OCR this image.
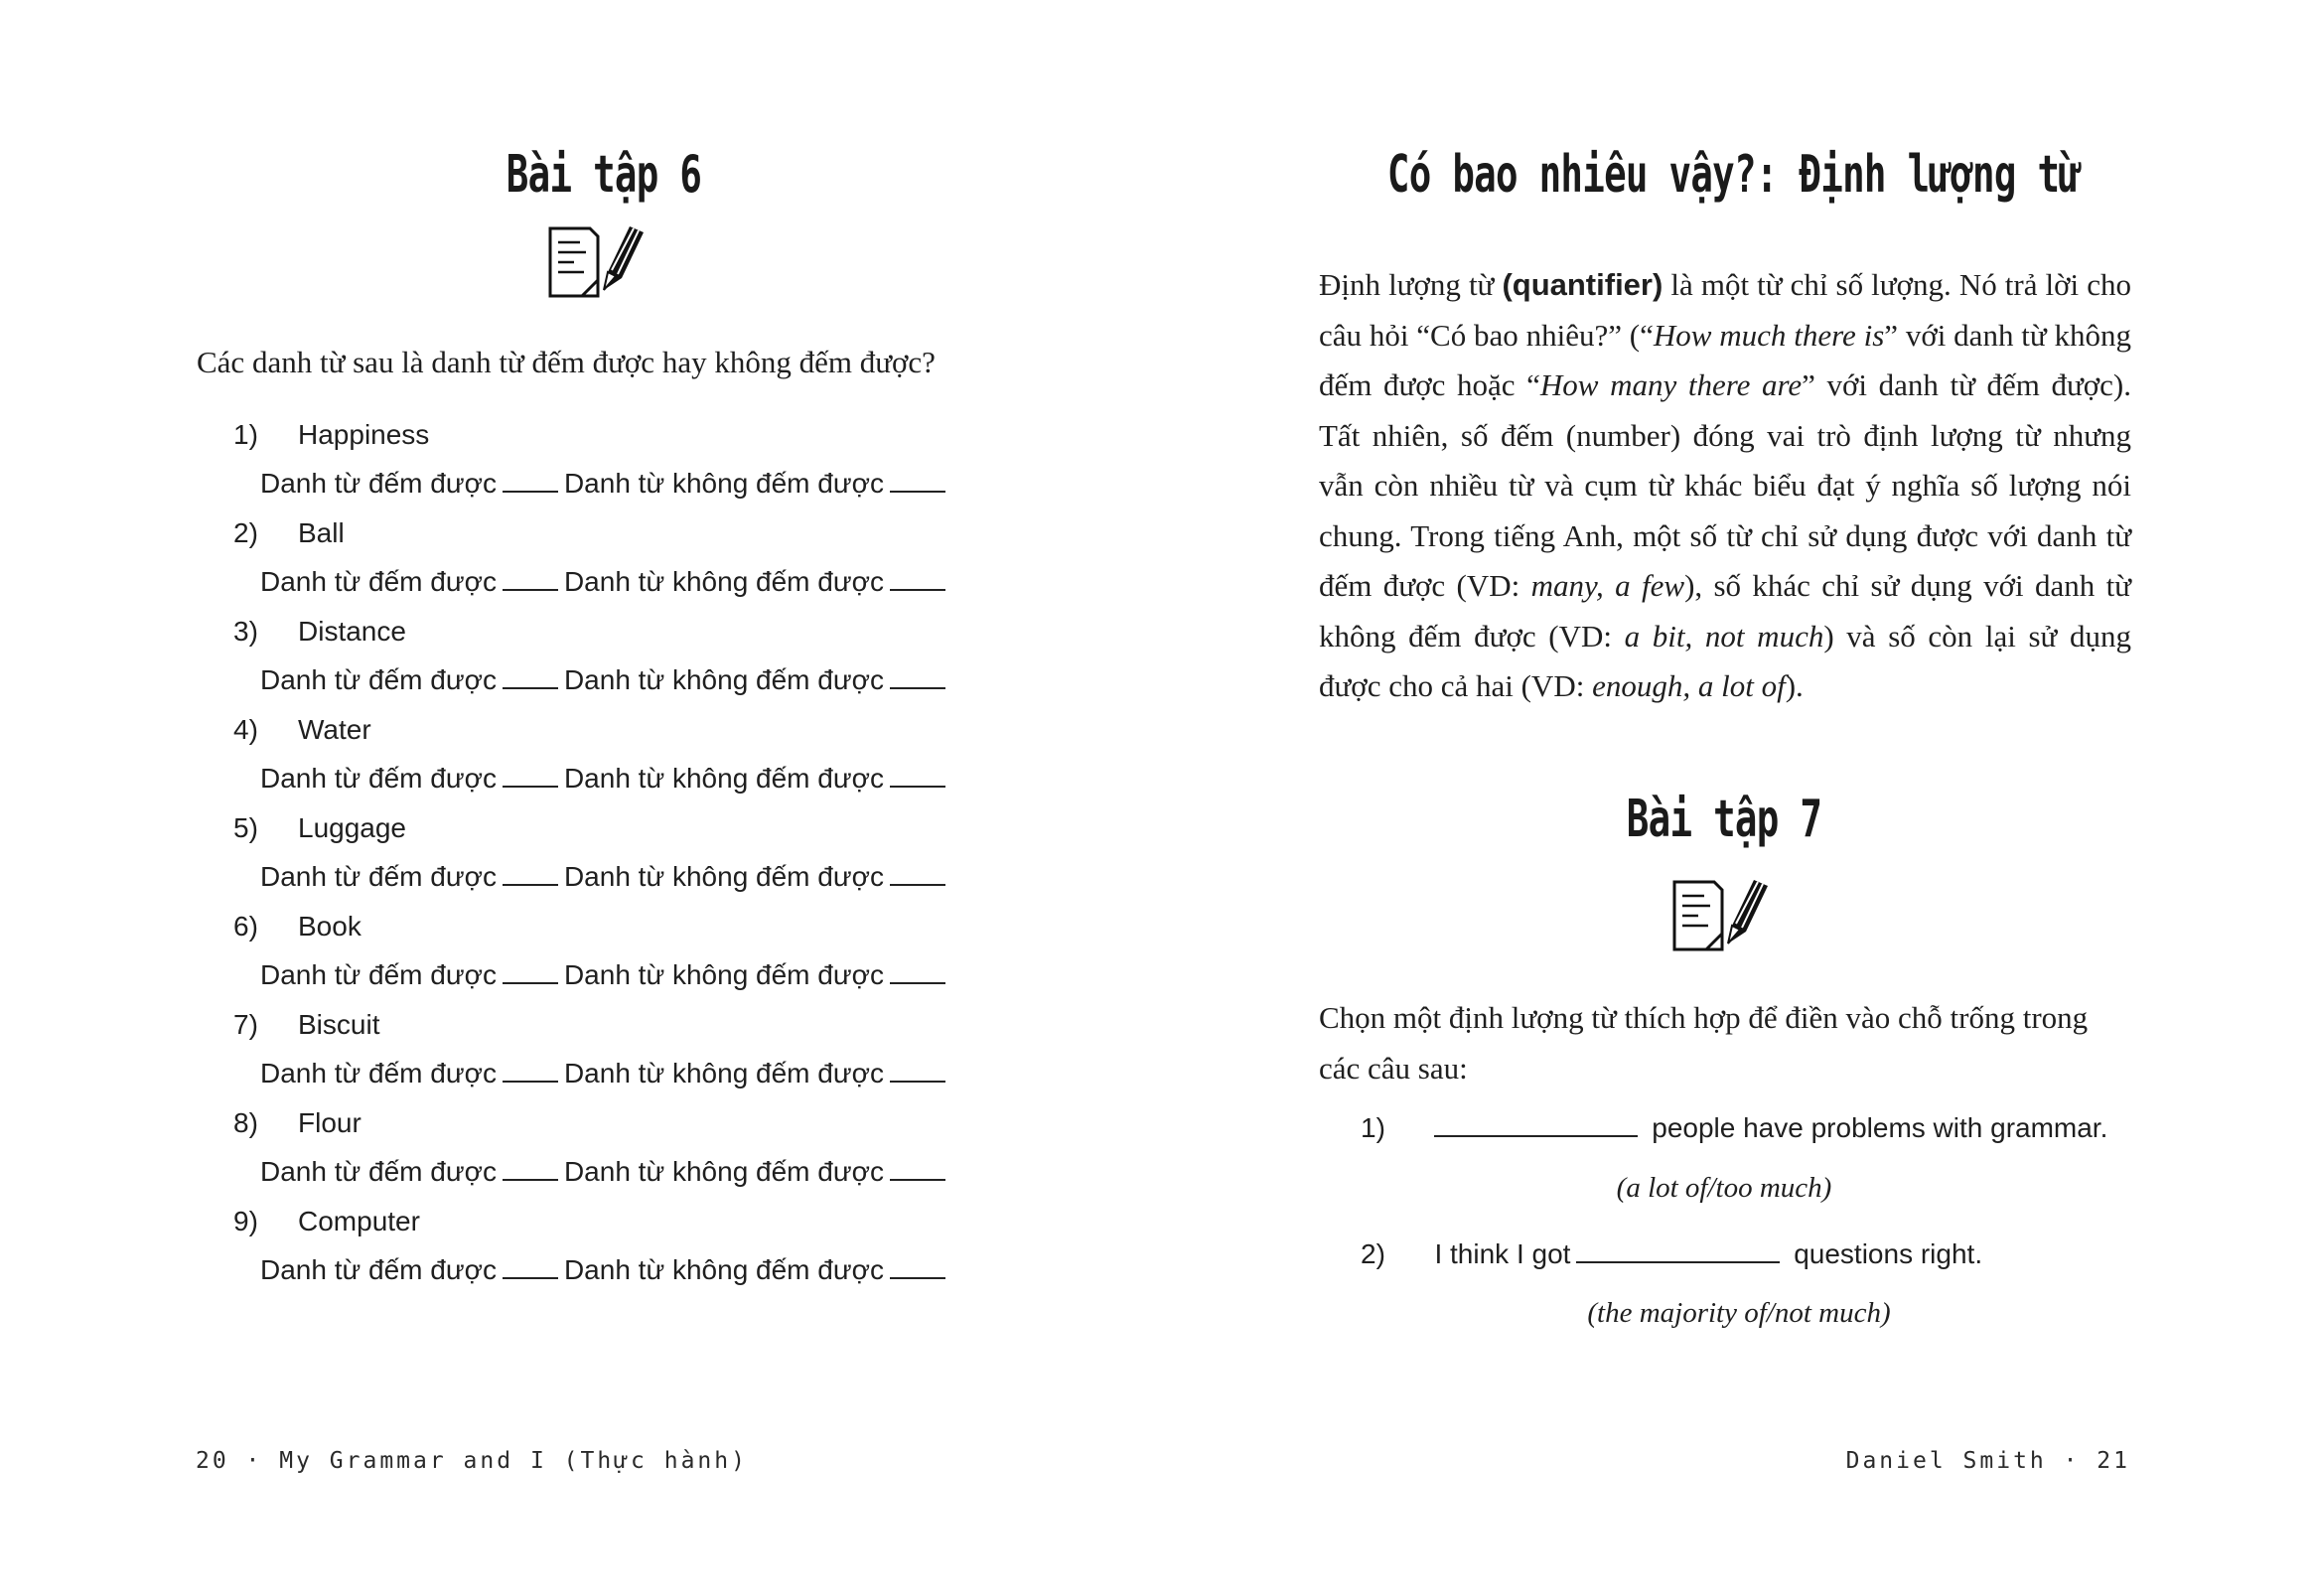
Bài tập 6
Các danh từ sau là danh từ đếm được hay không đếm được?
1) Happiness
Danh từ đếm được Danh từ không đếm được
2) Ball
Danh từ đếm được Danh từ không đếm được
3) Distance
Danh từ đếm được Danh từ không đếm được
4) Water
Danh từ đếm được Danh từ không đếm được
5) Luggage
Danh từ đếm được Danh từ không đếm được
6) Book
Danh từ đếm được Danh từ không đếm được
7) Biscuit
Danh từ đếm được Danh từ không đếm được
8) Flour
Danh từ đếm được Danh từ không đếm được
9) Computer
Danh từ đếm được Danh từ không đếm được
20 · My Grammar and I (Thực hành)
Có bao nhiêu vậy?: Định lượng từ
Định lượng từ (quantifier) là một từ chỉ số lượng. Nó trả lời cho câu hỏi “Có bao nhiêu?” (“How much there is” với danh từ không đếm được hoặc “How many there are” với danh từ đếm được). Tất nhiên, số đếm (number) đóng vai trò định lượng từ nhưng vẫn còn nhiều từ và cụm từ khác biểu đạt ý nghĩa số lượng nói chung. Trong tiếng Anh, một số từ chỉ sử dụng được với danh từ đếm được (VD: many, a few), số khác chỉ sử dụng với danh từ không đếm được (VD: a bit, not much) và số còn lại sử dụng được cho cả hai (VD: enough, a lot of).
Bài tập 7
Chọn một định lượng từ thích hợp để điền vào chỗ trống trong các câu sau:
1)	people have problems with grammar.
(a lot of/too much)
2) I think I got	questions right.
(the majority of/not much)
Daniel Smith · 21
